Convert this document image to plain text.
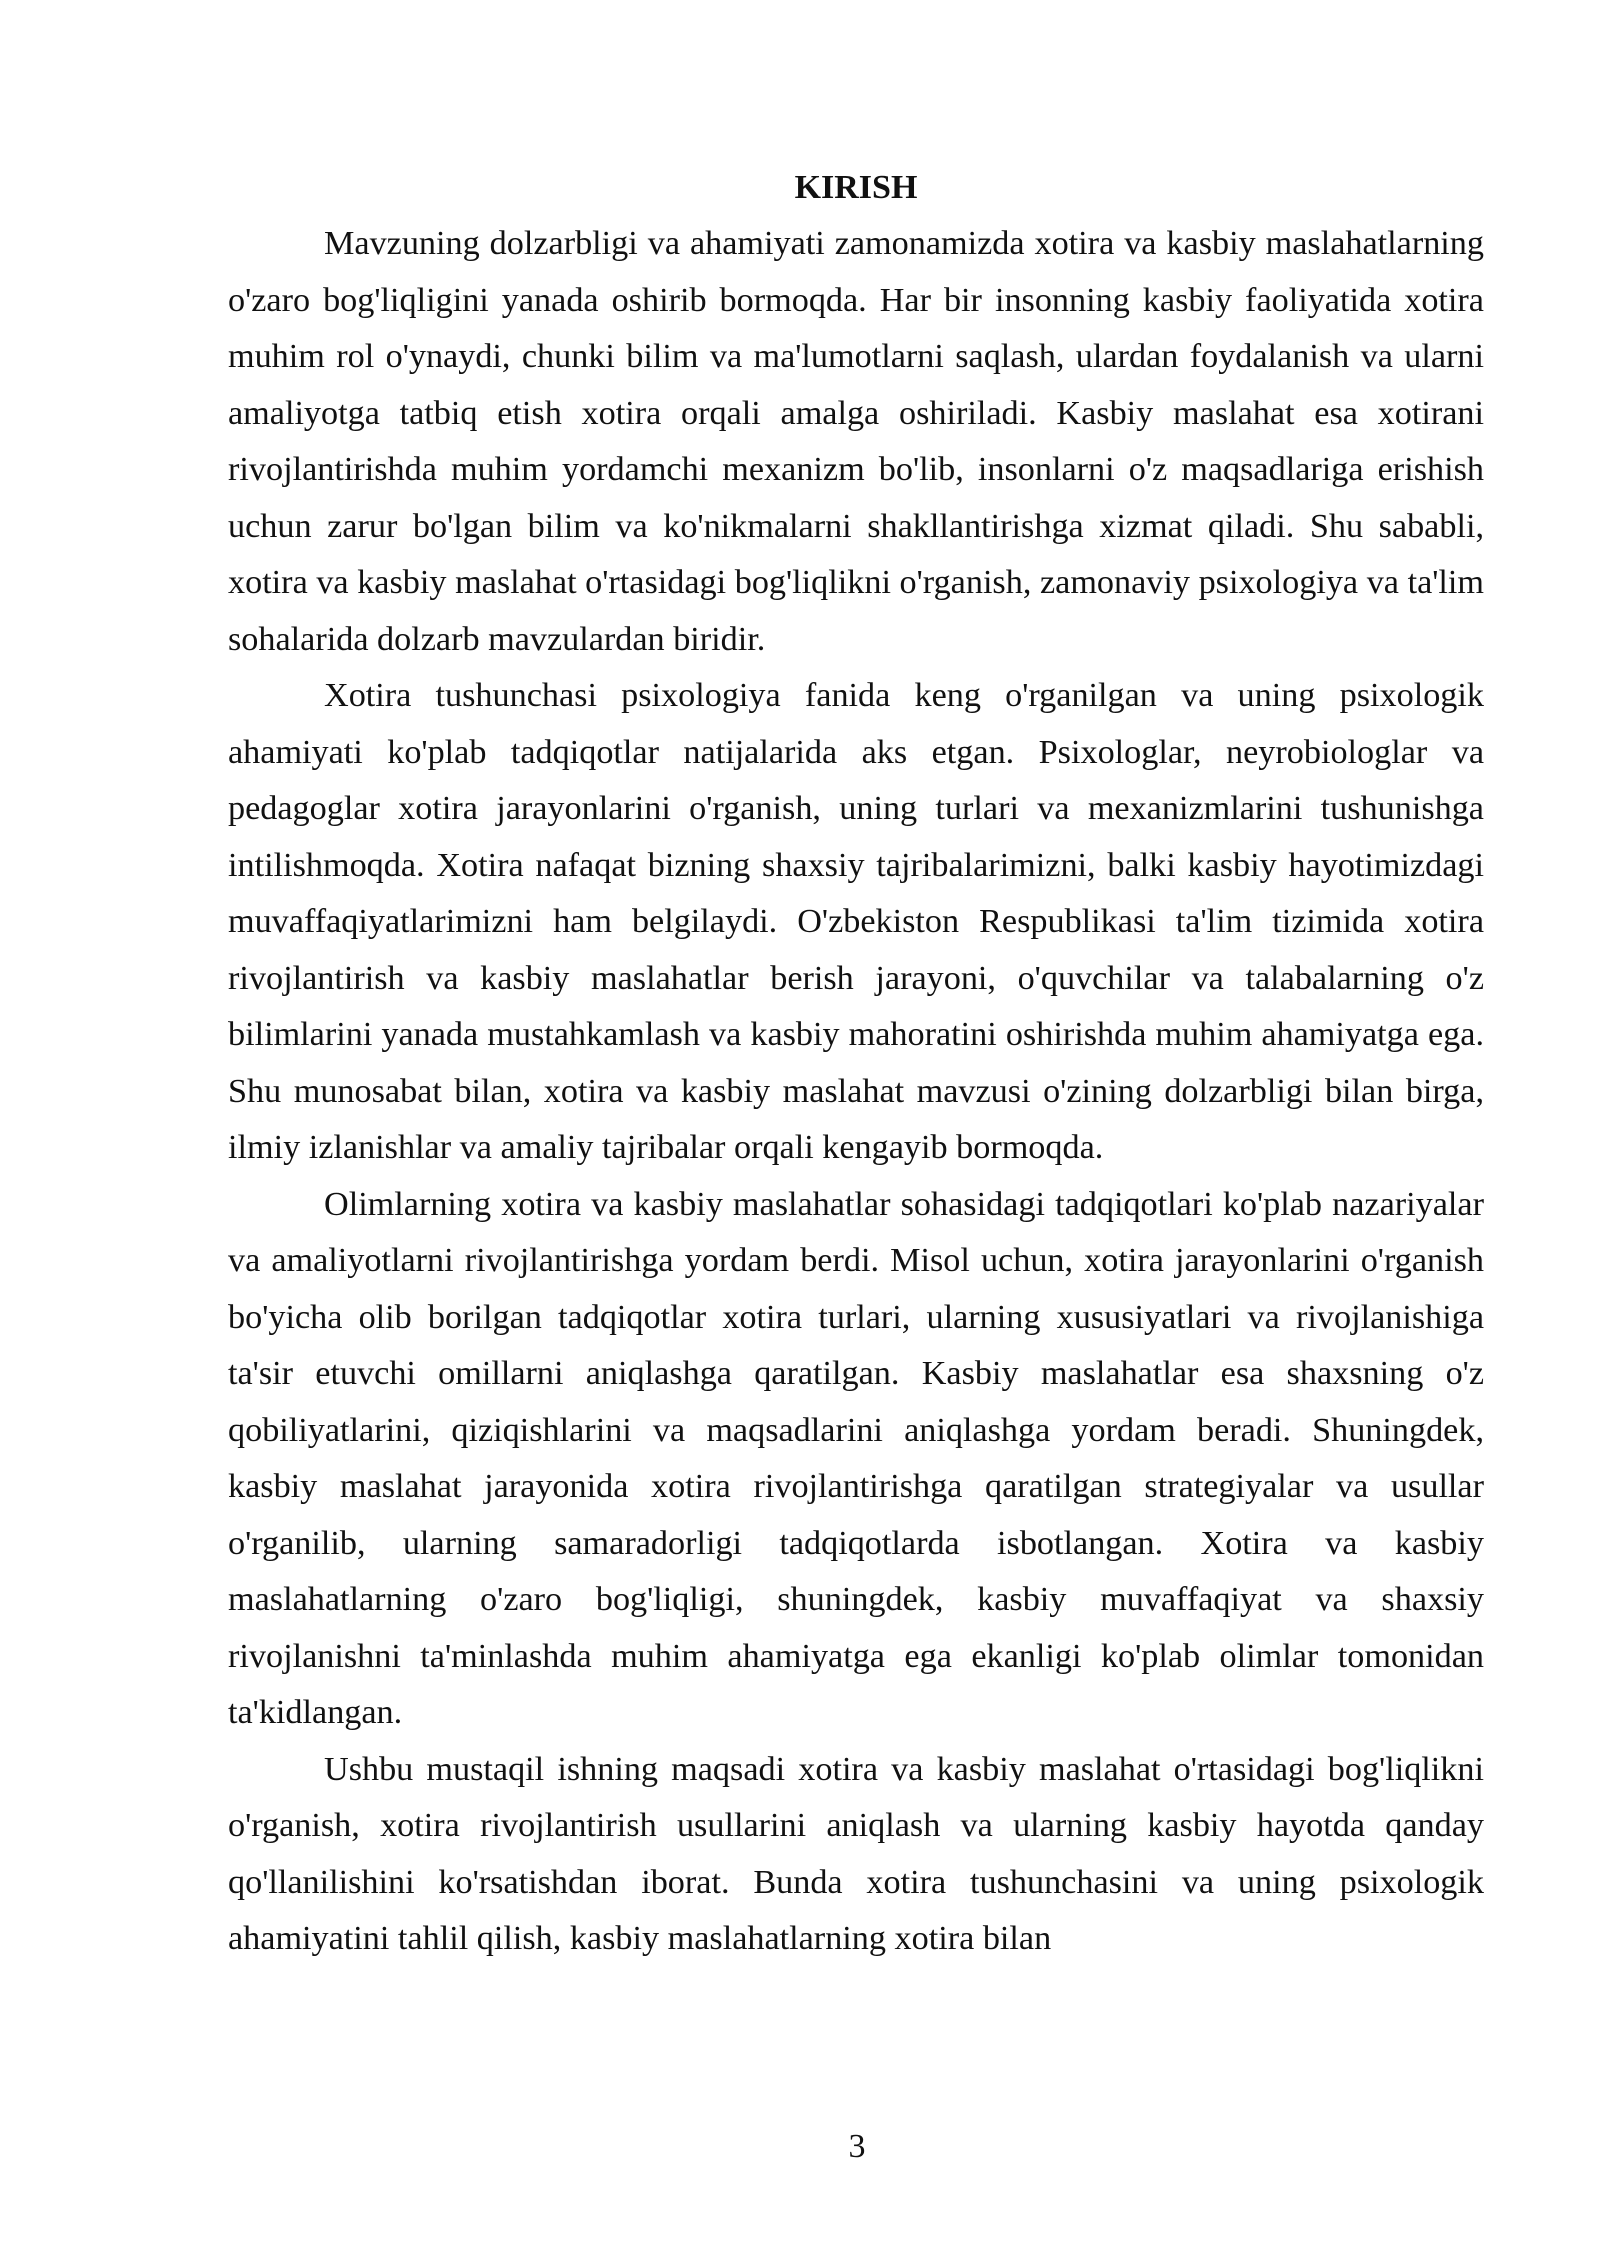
KIRISH

Mavzuning dolzarbligi va ahamiyati zamonamizda xotira va kasbiy maslahatlarning o'zaro bog'liqligini yanada oshirib bormoqda. Har bir insonning kasbiy faoliyatida xotira muhim rol o'ynaydi, chunki bilim va ma'lumotlarni saqlash, ulardan foydalanish va ularni amaliyotga tatbiq etish xotira orqali amalga oshiriladi. Kasbiy maslahat esa xotirani rivojlantirishda muhim yordamchi mexanizm bo'lib, insonlarni o'z maqsadlariga erishish uchun zarur bo'lgan bilim va ko'nikmalarni shakllantirishga xizmat qiladi. Shu sababli, xotira va kasbiy maslahat o'rtasidagi bog'liqlikni o'rganish, zamonaviy psixologiya va ta'lim sohalarida dolzarb mavzulardan biridir.

Xotira tushunchasi psixologiya fanida keng o'rganilgan va uning psixologik ahamiyati ko'plab tadqiqotlar natijalarida aks etgan. Psixologlar, neyrobiologlar va pedagoglar xotira jarayonlarini o'rganish, uning turlari va mexanizmlarini tushunishga intilishmoqda. Xotira nafaqat bizning shaxsiy tajribalarimizni, balki kasbiy hayotimizdagi muvaffaqiyatlarimizni ham belgilaydi. O'zbekiston Respublikasi ta'lim tizimida xotira rivojlantirish va kasbiy maslahatlar berish jarayoni, o'quvchilar va talabalarning o'z bilimlarini yanada mustahkamlash va kasbiy mahoratini oshirishda muhim ahamiyatga ega. Shu munosabat bilan, xotira va kasbiy maslahat mavzusi o'zining dolzarbligi bilan birga, ilmiy izlanishlar va amaliy tajribalar orqali kengayib bormoqda.

Olimlarning xotira va kasbiy maslahatlar sohasidagi tadqiqotlari ko'plab nazariyalar va amaliyotlarni rivojlantirishga yordam berdi. Misol uchun, xotira jarayonlarini o'rganish bo'yicha olib borilgan tadqiqotlar xotira turlari, ularning xususiyatlari va rivojlanishiga ta'sir etuvchi omillarni aniqlashga qaratilgan. Kasbiy maslahatlar esa shaxsning o'z qobiliyatlarini, qiziqishlarini va maqsadlarini aniqlashga yordam beradi. Shuningdek, kasbiy maslahat jarayonida xotira rivojlantirishga qaratilgan strategiyalar va usullar o'rganilib, ularning samaradorligi tadqiqotlarda isbotlangan. Xotira va kasbiy maslahatlarning o'zaro bog'liqligi, shuningdek, kasbiy muvaffaqiyat va shaxsiy rivojlanishni ta'minlashda muhim ahamiyatga ega ekanligi ko'plab olimlar tomonidan ta'kidlangan.

Ushbu mustaqil ishning maqsadi xotira va kasbiy maslahat o'rtasidagi bog'liqlikni o'rganish, xotira rivojlantirish usullarini aniqlash va ularning kasbiy hayotda qanday qo'llanilishini ko'rsatishdan iborat. Bunda xotira tushunchasini va uning psixologik ahamiyatini tahlil qilish, kasbiy maslahatlarning xotira bilan

3
